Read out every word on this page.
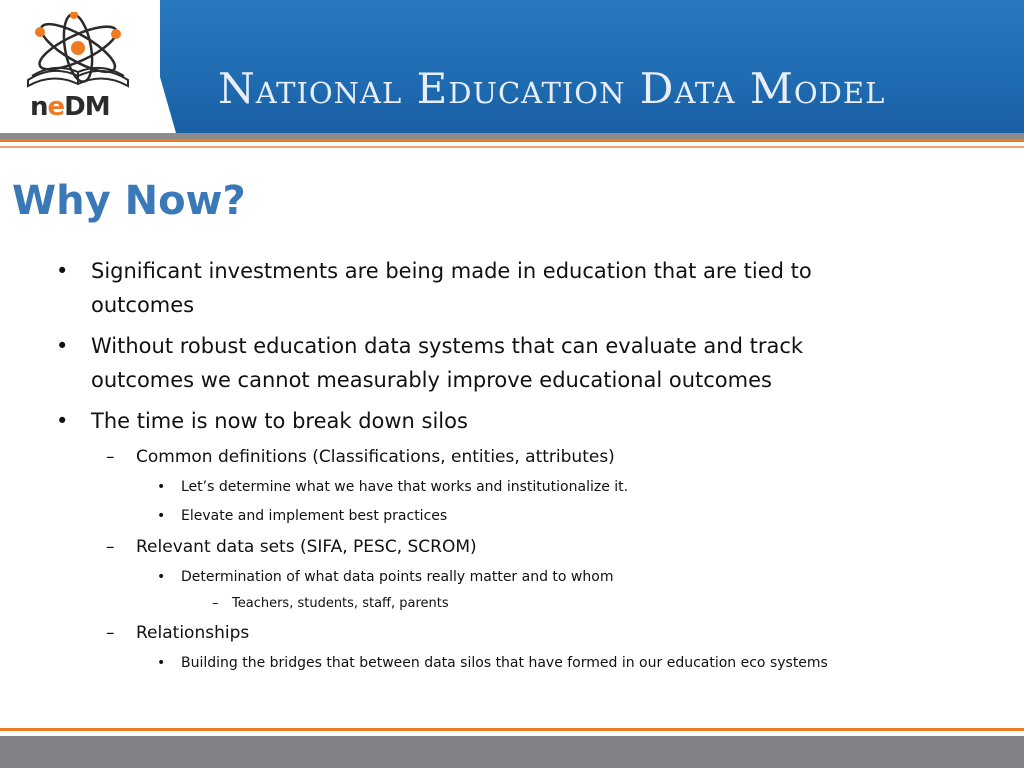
National Education Data Model
neDM
Why Now?
• Significant investments are being made in education that are tied to outcomes
• Without robust education data systems that can evaluate and track outcomes we cannot measurably improve educational outcomes
• The time is now to break down silos
– Common definitions (Classifications, entities, attributes)
• Let’s determine what we have that works and institutionalize it.
• Elevate and implement best practices
– Relevant data sets (SIFA, PESC, SCROM)
• Determination of what data points really matter and to whom
– Teachers, students, staff, parents
– Relationships
• Building the bridges that between data silos that have formed in our education eco systems
